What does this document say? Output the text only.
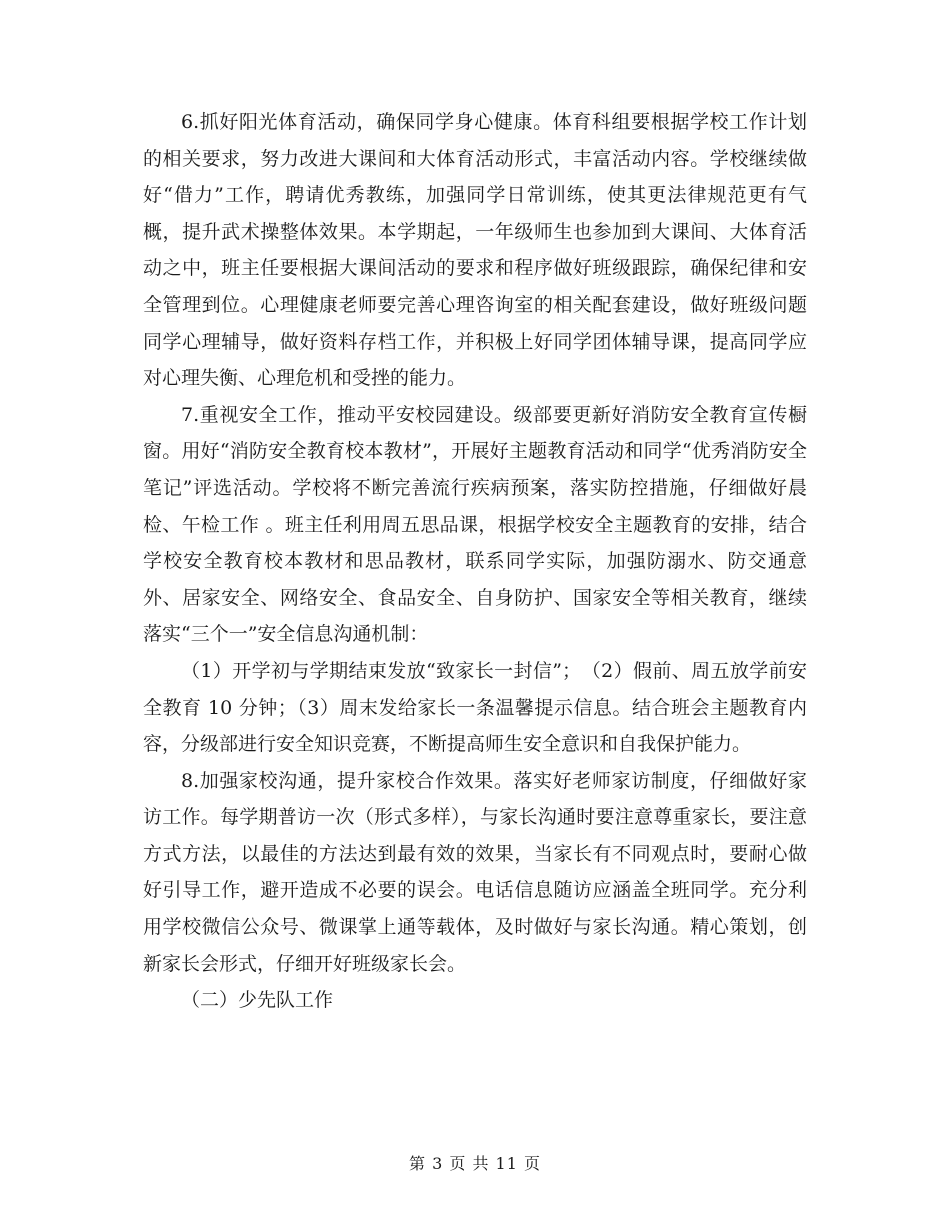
6.抓好阳光体育活动，确保同学身心健康。体育科组要根据学校工作计划的相关要求，努力改进大课间和大体育活动形式，丰富活动内容。学校继续做好“借力”工作，聘请优秀教练，加强同学日常训练，使其更法律规范更有气概，提升武术操整体效果。本学期起，一年级师生也参加到大课间、大体育活动之中，班主任要根据大课间活动的要求和程序做好班级跟踪，确保纪律和安全管理到位。心理健康老师要完善心理咨询室的相关配套建设，做好班级问题同学心理辅导，做好资料存档工作，并积极上好同学团体辅导课，提高同学应对心理失衡、心理危机和受挫的能力。

7.重视安全工作，推动平安校园建设。级部要更新好消防安全教育宣传橱窗。用好“消防安全教育校本教材”，开展好主题教育活动和同学“优秀消防安全笔记”评选活动。学校将不断完善流行疾病预案，落实防控措施，仔细做好晨检、午检工作 。班主任利用周五思品课，根据学校安全主题教育的安排，结合学校安全教育校本教材和思品教材，联系同学实际，加强防溺水、防交通意外、居家安全、网络安全、食品安全、自身防护、国家安全等相关教育，继续落实“三个一”安全信息沟通机制：

（1）开学初与学期结束发放“致家长一封信”；　（2）假前、周五放学前安全教育 10 分钟；（3）周末发给家长一条温馨提示信息。结合班会主题教育内容，分级部进行安全知识竞赛，不断提高师生安全意识和自我保护能力。

8.加强家校沟通，提升家校合作效果。落实好老师家访制度，仔细做好家访工作。每学期普访一次（形式多样），与家长沟通时要注意尊重家长，要注意方式方法，以最佳的方法达到最有效的效果，当家长有不同观点时，要耐心做好引导工作，避开造成不必要的误会。电话信息随访应涵盖全班同学。充分利用学校微信公众号、微课掌上通等载体，及时做好与家长沟通。精心策划，创新家长会形式，仔细开好班级家长会。

（二）少先队工作

第 3 页 共 11 页
